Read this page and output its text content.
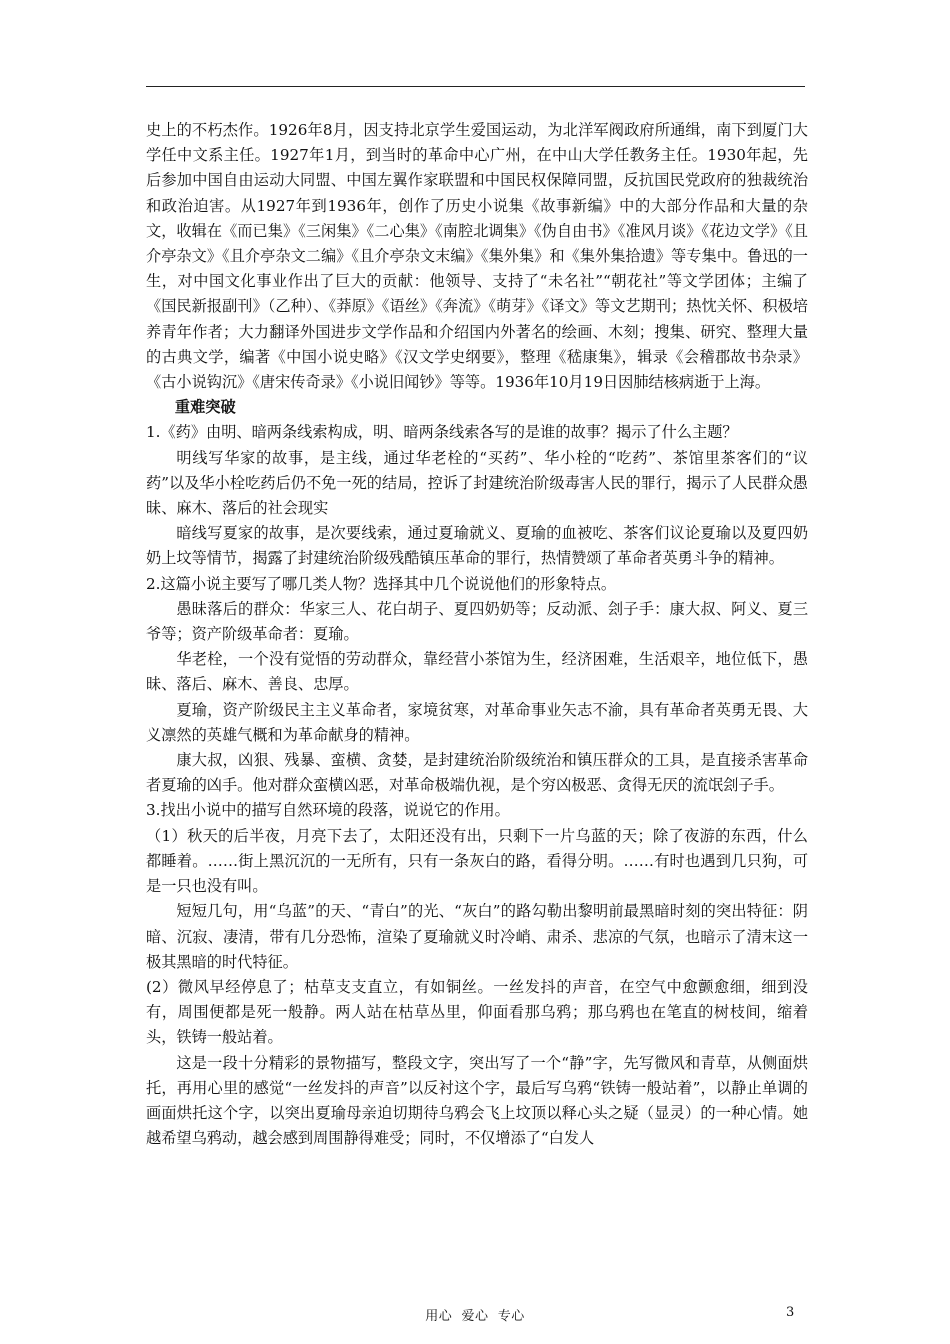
史上的不朽杰作。1926年8月，因支持北京学生爱国运动，为北洋军阀政府所通缉，南下到厦门大学任中文系主任。1927年1月，到当时的革命中心广州，在中山大学任教务主任。1930年起，先后参加中国自由运动大同盟、中国左翼作家联盟和中国民权保障同盟，反抗国民党政府的独裁统治和政治迫害。从1927年到1936年，创作了历史小说集《故事新编》中的大部分作品和大量的杂文，收辑在《而已集》《三闲集》《二心集》《南腔北调集》《伪自由书》《准风月谈》《花边文学》《且介亭杂文》《且介亭杂文二编》《且介亭杂文末编》《集外集》和《集外集拾遗》等专集中。鲁迅的一生，对中国文化事业作出了巨大的贡献：他领导、支持了“未名社”“朝花社”等文学团体；主编了《国民新报副刊》（乙种）、《莽原》《语丝》《奔流》《萌芽》《译文》等文艺期刊；热忱关怀、积极培养青年作者；大力翻译外国进步文学作品和介绍国内外著名的绘画、木刻；搜集、研究、整理大量的古典文学，编著《中国小说史略》《汉文学史纲要》，整理《嵇康集》，辑录《会稽郡故书杂录》《古小说钩沉》《唐宋传奇录》《小说旧闻钞》等等。1936年10月19日因肺结核病逝于上海。

重难突破

1.《药》由明、暗两条线索构成，明、暗两条线索各写的是谁的故事？揭示了什么主题？

明线写华家的故事，是主线，通过华老栓的“买药”、华小栓的“吃药”、茶馆里茶客们的“议药”以及华小栓吃药后仍不免一死的结局，控诉了封建统治阶级毒害人民的罪行，揭示了人民群众愚昧、麻木、落后的社会现实

暗线写夏家的故事，是次要线索，通过夏瑜就义、夏瑜的血被吃、茶客们议论夏瑜以及夏四奶奶上坟等情节，揭露了封建统治阶级残酷镇压革命的罪行，热情赞颂了革命者英勇斗争的精神。

2.这篇小说主要写了哪几类人物？选择其中几个说说他们的形象特点。

愚昧落后的群众：华家三人、花白胡子、夏四奶奶等；反动派、刽子手：康大叔、阿义、夏三爷等；资产阶级革命者：夏瑜。

华老栓，一个没有觉悟的劳动群众，靠经营小茶馆为生，经济困难，生活艰辛，地位低下，愚昧、落后、麻木、善良、忠厚。

夏瑜，资产阶级民主主义革命者，家境贫寒，对革命事业矢志不渝，具有革命者英勇无畏、大义凛然的英雄气概和为革命献身的精神。

康大叔，凶狠、残暴、蛮横、贪婪，是封建统治阶级统治和镇压群众的工具，是直接杀害革命者夏瑜的凶手。他对群众蛮横凶恶，对革命极端仇视，是个穷凶极恶、贪得无厌的流氓刽子手。

3.找出小说中的描写自然环境的段落，说说它的作用。

（1）秋天的后半夜，月亮下去了，太阳还没有出，只剩下一片乌蓝的天；除了夜游的东西，什么都睡着。……街上黑沉沉的一无所有，只有一条灰白的路，看得分明。……有时也遇到几只狗，可是一只也没有叫。

短短几句，用“乌蓝”的天、“青白”的光、“灰白”的路勾勒出黎明前最黑暗时刻的突出特征：阴暗、沉寂、凄清，带有几分恐怖，渲染了夏瑜就义时冷峭、肃杀、悲凉的气氛，也暗示了清末这一极其黑暗的时代特征。

(2）微风早经停息了；枯草支支直立，有如铜丝。一丝发抖的声音，在空气中愈颤愈细，细到没有，周围便都是死一般静。两人站在枯草丛里，仰面看那乌鸦；那乌鸦也在笔直的树枝间，缩着头，铁铸一般站着。

这是一段十分精彩的景物描写，整段文字，突出写了一个“静”字，先写微风和青草，从侧面烘托，再用心里的感觉“一丝发抖的声音”以反衬这个字，最后写乌鸦“铁铸一般站着”，以静止单调的画面烘托这个字，以突出夏瑜母亲迫切期待乌鸦会飞上坟顶以释心头之疑（显灵）的一种心情。她越希望乌鸦动，越会感到周围静得难受；同时，不仅增添了“白发人

用心  爱心  专心	3
